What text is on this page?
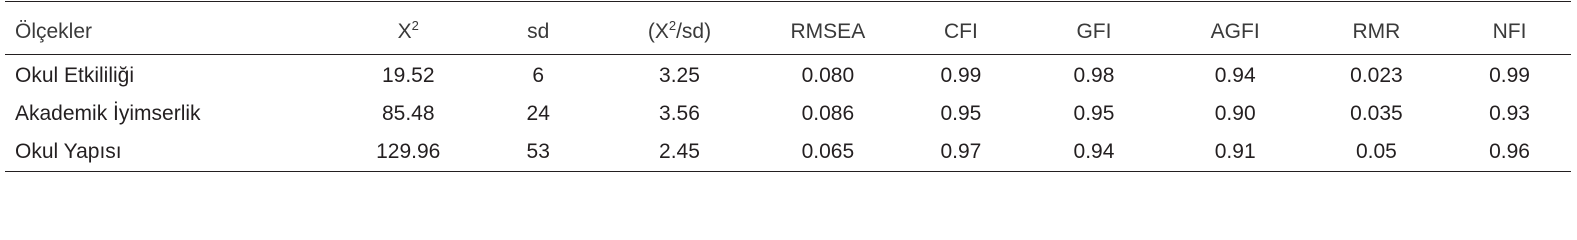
Ölçekler	$X^2$	sd	$(X^2/sd)$	RMSEA	CFI	GFI	AGFI	RMR	NFI
Okul Etkililiği	19.52	6	3.25	0.080	0.99	0.98	0.94	0.023	0.99
Akademik İyimserlik	85.48	24	3.56	0.086	0.95	0.95	0.90	0.035	0.93
Okul Yapısı	129.96	53	2.45	0.065	0.97	0.94	0.91	0.05	0.96
